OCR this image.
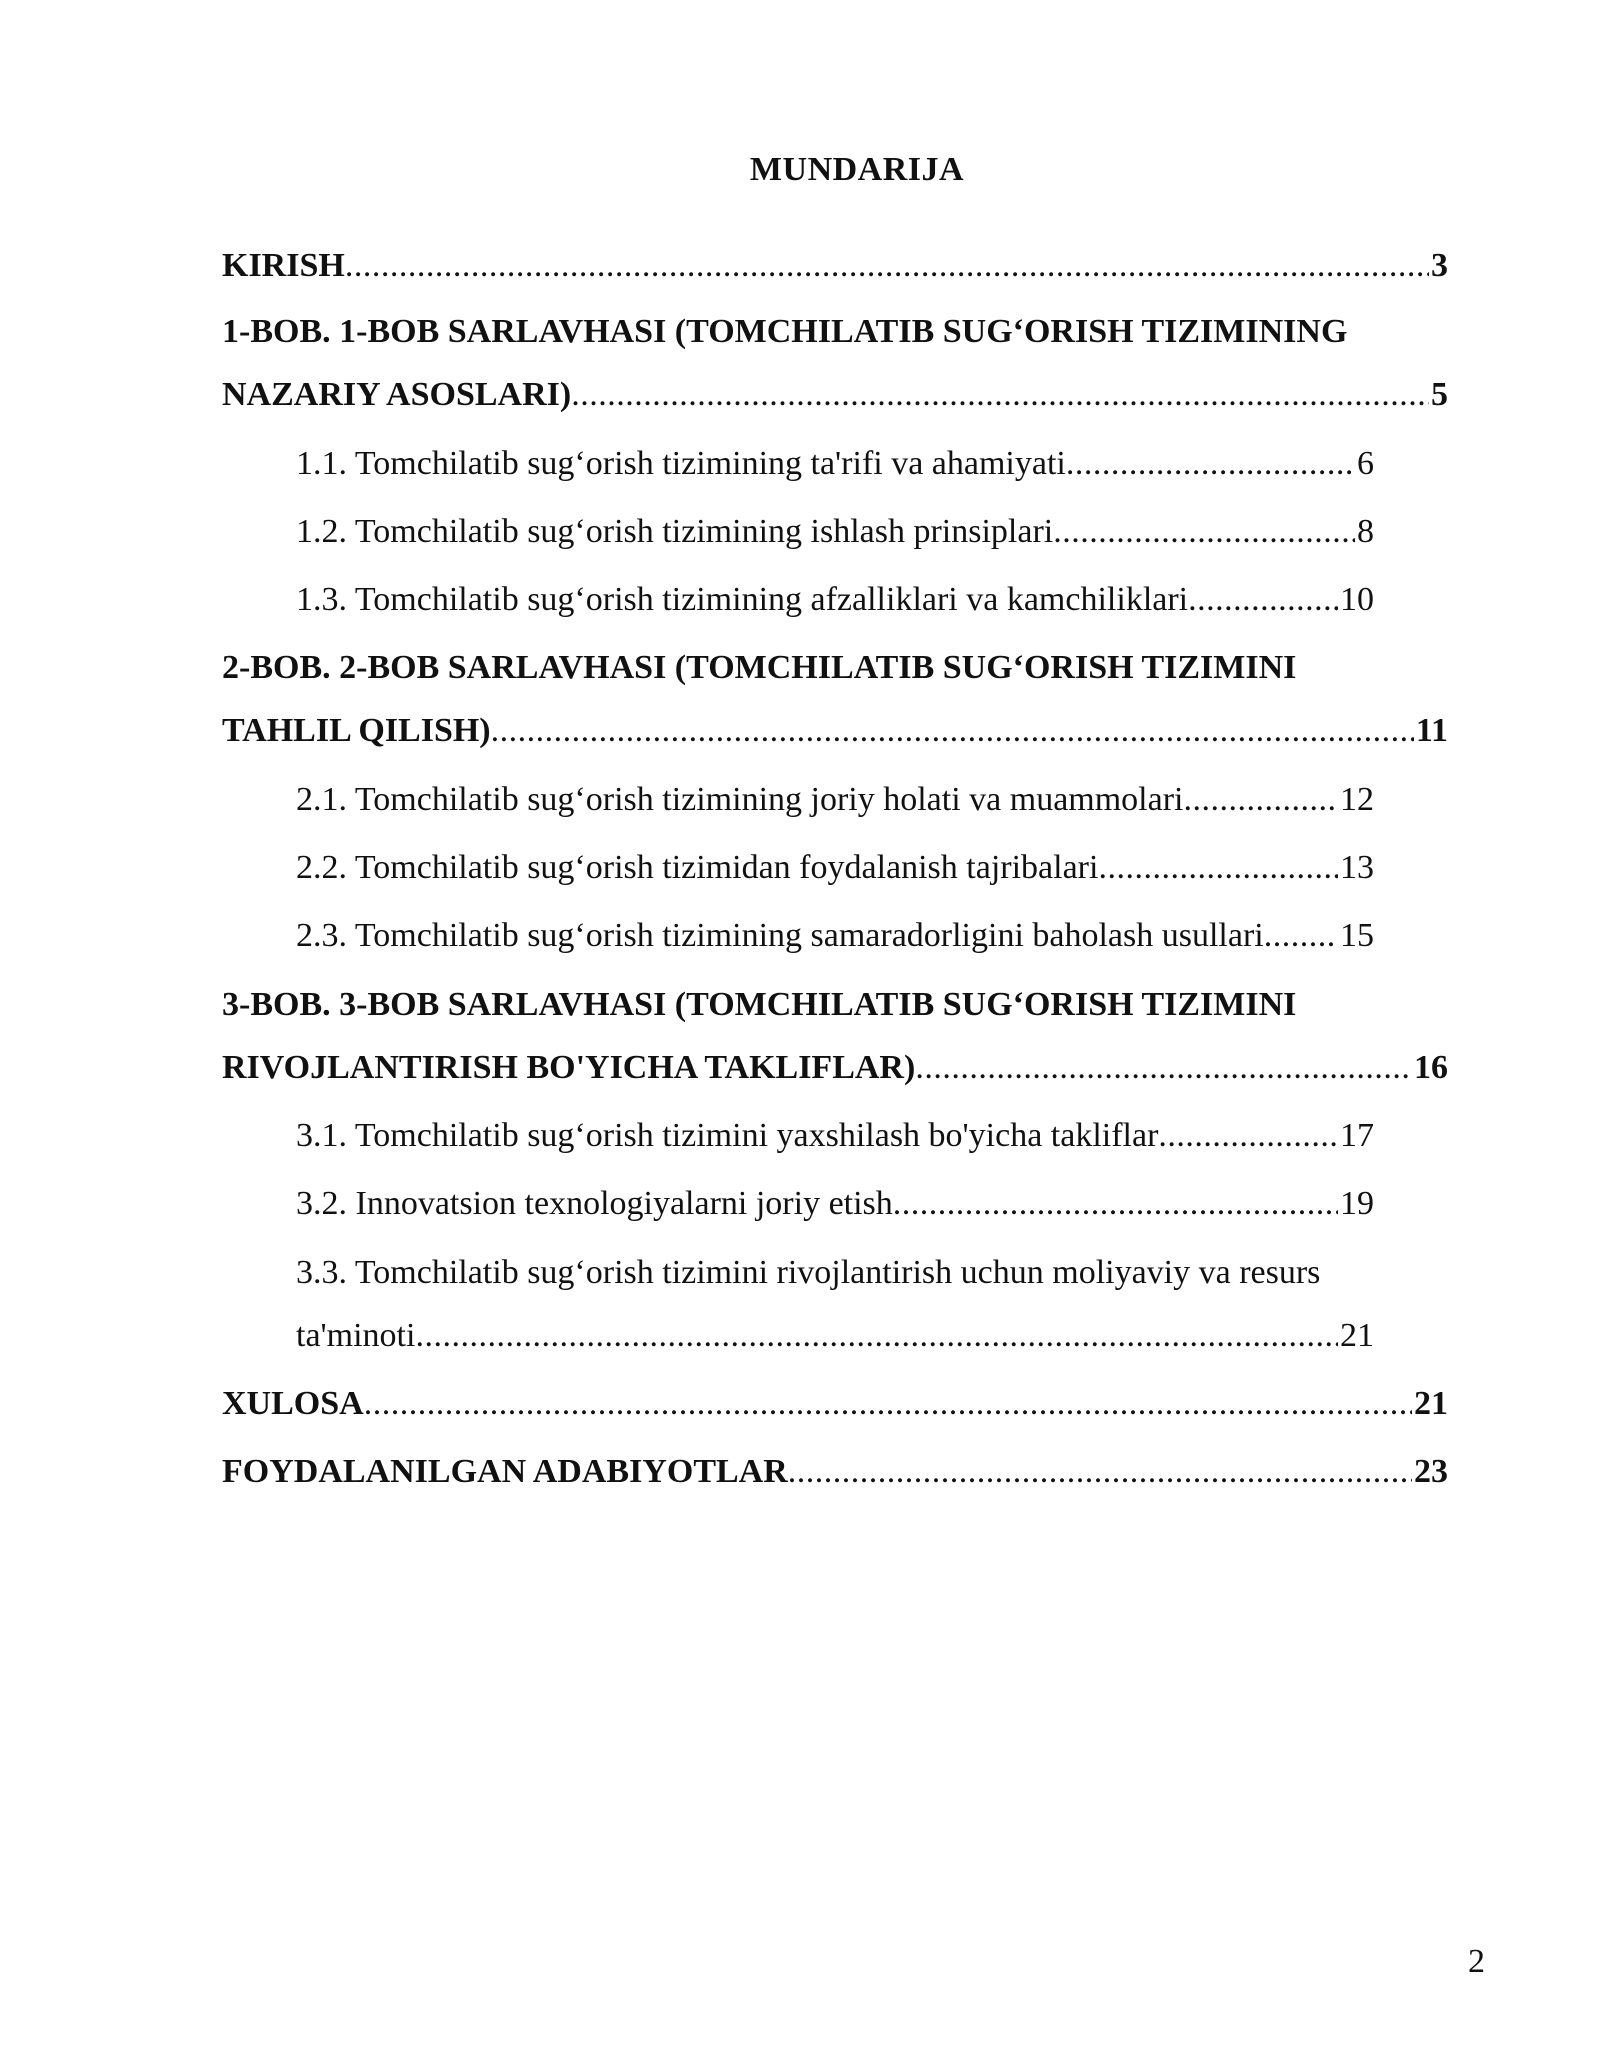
MUNDARIJA
KIRISH .....	3
1-BOB. 1-BOB SARLAVHASI (TOMCHILATIB SUG‘ORISH TIZIMINING
NAZARIY ASOSLARI) .....	5
1.1. Tomchilatib sug‘orish tizimining ta'rifi va ahamiyati .....	6
1.2. Tomchilatib sug‘orish tizimining ishlash prinsiplari .....	8
1.3. Tomchilatib sug‘orish tizimining afzalliklari va kamchiliklari .....	10
2-BOB. 2-BOB SARLAVHASI (TOMCHILATIB SUG‘ORISH TIZIMINI
TAHLIL QILISH) .....	11
2.1. Tomchilatib sug‘orish tizimining joriy holati va muammolari .....	12
2.2. Tomchilatib sug‘orish tizimidan foydalanish tajribalari .....	13
2.3. Tomchilatib sug‘orish tizimining samaradorligini baholash usullari ..... 15
3-BOB. 3-BOB SARLAVHASI (TOMCHILATIB SUG‘ORISH TIZIMINI
RIVOJLANTIRISH BO'YICHA TAKLIFLAR) .....	16
3.1. Tomchilatib sug‘orish tizimini yaxshilash bo'yicha takliflar .....	17
3.2. Innovatsion texnologiyalarni joriy etish .....	19
3.3. Tomchilatib sug‘orish tizimini rivojlantirish uchun moliyaviy va resurs
ta'minoti .....	21
XULOSA .....	21
FOYDALANILGAN ADABIYOTLAR .....	23
2
